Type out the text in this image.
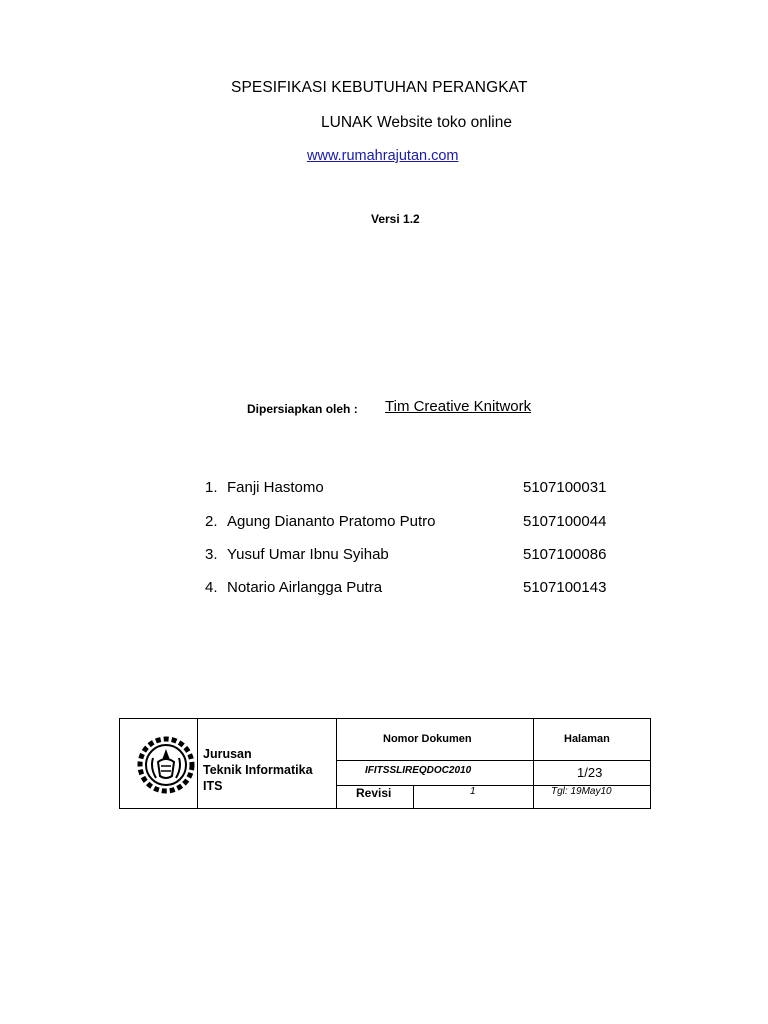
SPESIFIKASI KEBUTUHAN PERANGKAT
LUNAK Website toko online
www.rumahrajutan.com
Versi 1.2
Dipersiapkan oleh : Tim Creative Knitwork
1. Fanji Hastomo	5107100031
2. Agung Diananto Pratomo Putro	5107100044
3. Yusuf Umar Ibnu Syihab	5107100086
4. Notario Airlangga Putra	5107100143
Jurusan
Teknik Informatika
ITS
Nomor Dokumen	Halaman
IFITSSLIREQDOC2010	1/23
Revisi	1	Tgl: 19May10
